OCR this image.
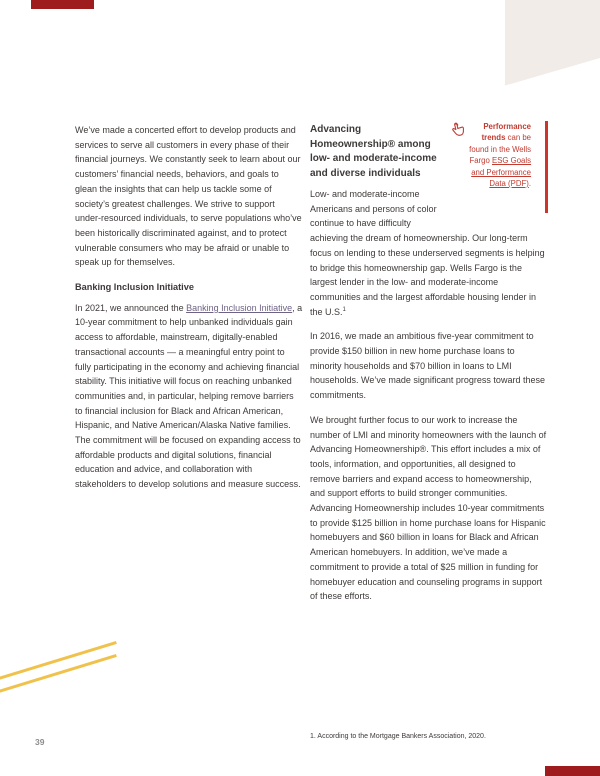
We’ve made a concerted effort to develop products and services to serve all customers in every phase of their financial journeys. We constantly seek to learn about our customers’ financial needs, behaviors, and goals to glean the insights that can help us tackle some of society’s greatest challenges. We strive to support under-resourced individuals, to serve populations who’ve been historically discriminated against, and to protect vulnerable consumers who may be afraid or unable to speak up for themselves.

Banking Inclusion Initiative

In 2021, we announced the Banking Inclusion Initiative, a 10-year commitment to help unbanked individuals gain access to affordable, mainstream, digitally-enabled transactional accounts — a meaningful entry point to fully participating in the economy and achieving financial stability. This initiative will focus on reaching unbanked communities and, in particular, helping remove barriers to financial inclusion for Black and African American, Hispanic, and Native American/Alaska Native families. The commitment will be focused on expanding access to affordable products and digital solutions, financial education and advice, and collaboration with stakeholders to develop solutions and measure success.

Performance trends can be found in the Wells Fargo ESG Goals and Performance Data (PDF).
Advancing Homeownership® among low- and moderate-income and diverse individuals

Low- and moderate-income Americans and persons of color continue to have difficulty achieving the dream of homeownership. Our long-term focus on lending to these underserved segments is helping to bridge this homeownership gap. Wells Fargo is the largest lender in the low- and moderate-income communities and the largest affordable housing lender in the U.S.$^1$

In 2016, we made an ambitious five-year commitment to provide $150 billion in new home purchase loans to minority households and $70 billion in loans to LMI households. We’ve made significant progress toward these commitments.

We brought further focus to our work to increase the number of LMI and minority homeowners with the launch of Advancing Homeownership®. This effort includes a mix of tools, information, and opportunities, all designed to remove barriers and expand access to homeownership, and support efforts to build stronger communities. Advancing Homeownership includes 10-year commitments to provide $125 billion in home purchase loans for Hispanic homebuyers and $60 billion in loans for Black and African American homebuyers. In addition, we’ve made a commitment to provide a total of $25 million in funding for homebuyer education and counseling programs in support of these efforts.

39
1. According to the Mortgage Bankers Association, 2020.
